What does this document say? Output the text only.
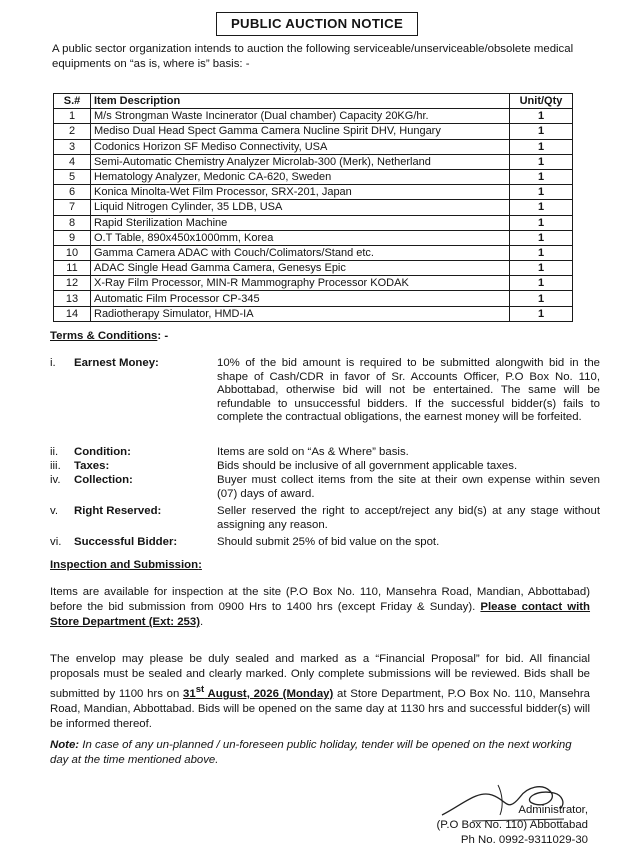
PUBLIC AUCTION NOTICE
A public sector organization intends to auction the following serviceable/unserviceable/obsolete medical equipments on “as is, where is” basis: -
S.#	Item Description	Unit/Qty
1	M/s Strongman Waste Incinerator (Dual chamber) Capacity 20KG/hr.	1
2	Mediso Dual Head Spect Gamma Camera Nucline Spirit DHV, Hungary	1
3	Codonics Horizon SF Mediso Connectivity, USA	1
4	Semi-Automatic Chemistry Analyzer Microlab-300 (Merk), Netherland	1
5	Hematology Analyzer, Medonic CA-620, Sweden	1
6	Konica Minolta-Wet Film Processor, SRX-201, Japan	1
7	Liquid Nitrogen Cylinder, 35 LDB, USA	1
8	Rapid Sterilization Machine	1
9	O.T Table, 890x450x1000mm, Korea	1
10	Gamma Camera ADAC with Couch/Colimators/Stand etc.	1
11	ADAC Single Head Gamma Camera, Genesys Epic	1
12	X-Ray Film Processor, MIN-R Mammography Processor KODAK	1
13	Automatic Film Processor CP-345	1
14	Radiotherapy Simulator, HMD-IA	1
Terms & Conditions: -
i. Earnest Money:	10% of the bid amount is required to be submitted alongwith bid in the shape of Cash/CDR in favor of Sr. Accounts Officer, P.O Box No. 110, Abbottabad, otherwise bid will not be entertained. The same will be refundable to unsuccessful bidders. If the successful bidder(s) fails to complete the contractual obligations, the earnest money will be forfeited.
ii. Condition:	Items are sold on “As & Where” basis.
iii. Taxes:	Bids should be inclusive of all government applicable taxes.
iv. Collection:	Buyer must collect items from the site at their own expense within seven (07) days of award.
v. Right Reserved:	Seller reserved the right to accept/reject any bid(s) at any stage without assigning any reason.
vi. Successful Bidder:	Should submit 25% of bid value on the spot.
Inspection and Submission:
Items are available for inspection at the site (P.O Box No. 110, Mansehra Road, Mandian, Abbottabad) before the bid submission from 0900 Hrs to 1400 hrs (except Friday & Sunday). Please contact with Store Department (Ext: 253).
The envelop may please be duly sealed and marked as a “Financial Proposal” for bid. All financial proposals must be sealed and clearly marked. Only complete submissions will be reviewed. Bids shall be submitted by 1100 hrs on 31st August, 2026 (Monday) at Store Department, P.O Box No. 110, Mansehra Road, Mandian, Abbottabad. Bids will be opened on the same day at 1130 hrs and successful bidder(s) will be informed thereof.
Note: In case of any un-planned / un-foreseen public holiday, tender will be opened on the next working day at the time mentioned above.
Administrator,
(P.O Box No. 110) Abbottabad
Ph No. 0992-9311029-30
